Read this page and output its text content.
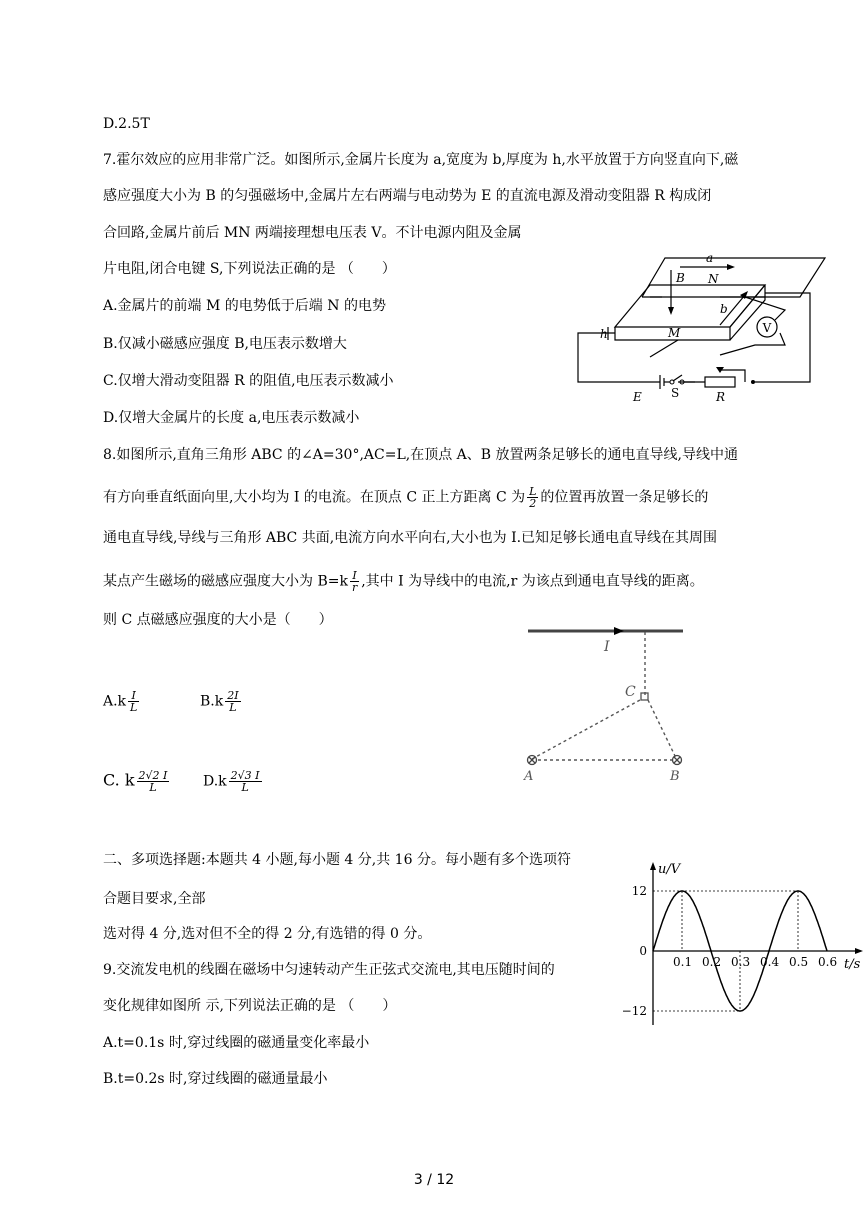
D.2.5T
7.霍尔效应的应用非常广泛。如图所示,金属片长度为 a,宽度为 b,厚度为 h,水平放置于方向竖直向下,磁
感应强度大小为 B 的匀强磁场中,金属片左右两端与电动势为 E 的直流电源及滑动变阻器 R 构成闭
合回路,金属片前后 MN 两端接理想电压表 V。不计电源内阻及金属
片电阻,闭合电键 S,下列说法正确的是 （　　）
A.金属片的前端 M 的电势低于后端 N 的电势
B.仅减小磁感应强度 B,电压表示数增大
C.仅增大滑动变阻器 R 的阻值,电压表示数减小
D.仅增大金属片的长度 a,电压表示数减小
V
a
B N
b
h	M
E S	R
8.如图所示,直角三角形 ABC 的∠A=30°,AC=L,在顶点 A、B 放置两条足够长的通电直导线,导线中通
有方向垂直纸面向里,大小均为 I 的电流。在顶点 C 正上方距离 C 为 $\frac{L}{2}$ 的位置再放置一条足够长的
通电直导线,导线与三角形 ABC 共面,电流方向水平向右,大小也为 I.已知足够长通电直导线在其周围
某点产生磁场的磁感应强度大小为 $B=k \frac{I}{r}$ ,其中 I 为导线中的电流,r 为该点到通电直导线的距离。
则 C 点磁感应强度的大小是（　　）
$A.k \frac{I}{L}$	$B.k \frac{2I}{L}$
C. k $\frac{2√2 I}{L} D.k \frac{2√3 I}{L}$
I
C
A	B
二、多项选择题:本题共 4 小题,每小题 4 分,共 16 分。每小题有多个选项符
合题目要求,全部
选对得 4 分,选对但不全的得 2 分,有选错的得 0 分。
9.交流发电机的线圈在磁场中匀速转动产生正弦式交流电,其电压随时间的
变化规律如图所 示,下列说法正确的是 （　　）
A.t=0.1s 时,穿过线圈的磁通量变化率最小
B.t=0.2s 时,穿过线圈的磁通量最小
0.1 0.2 0.3 0.4 0.5 0.6
12
0
−12
u/V
t/s
3 / 12
